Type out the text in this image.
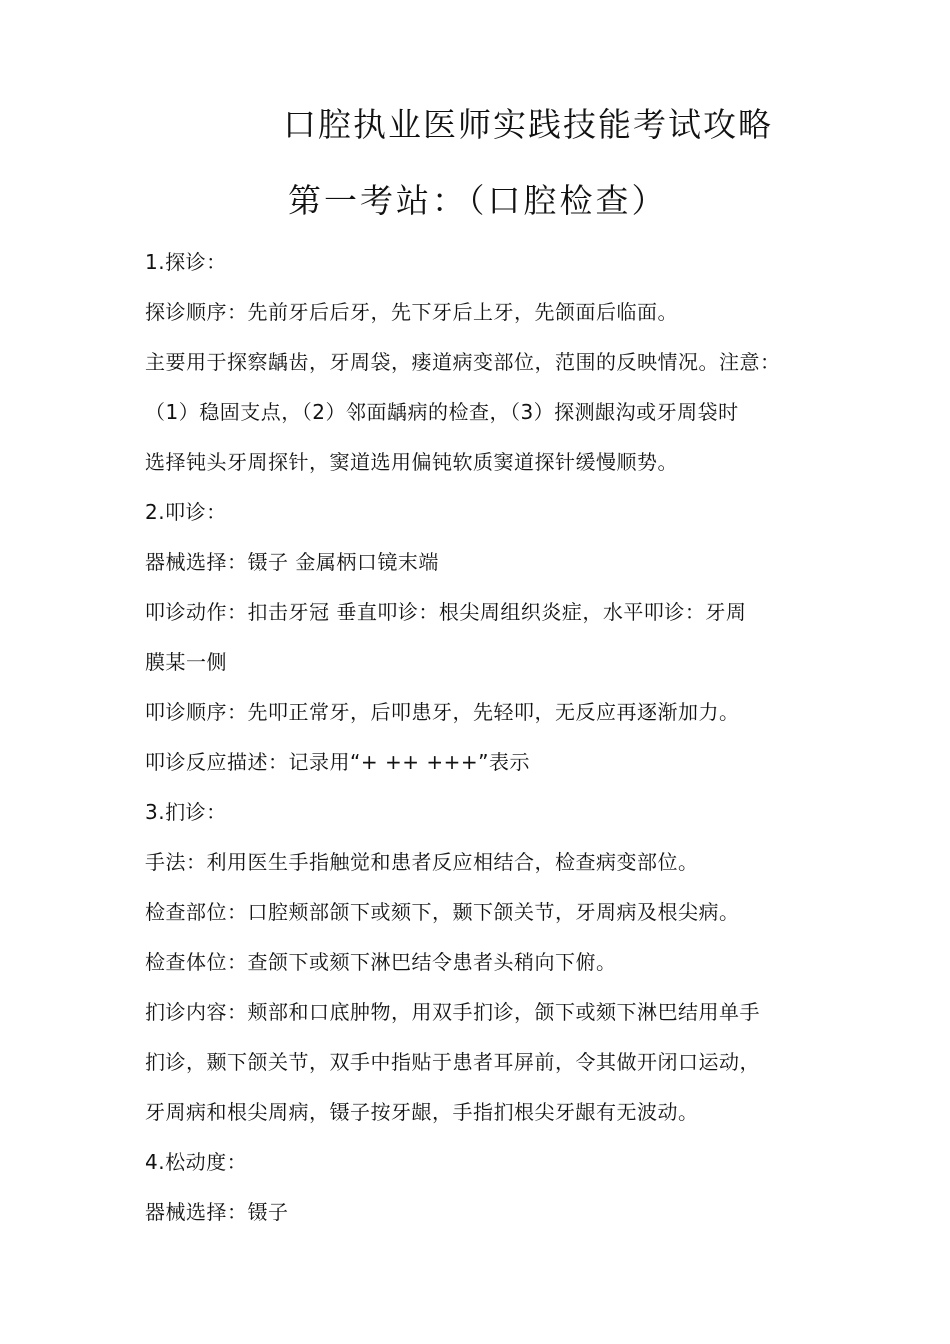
口腔执业医师实践技能考试攻略
第一考站：（口腔检查）
1.探诊：
探诊顺序：先前牙后后牙，先下牙后上牙，先颌面后临面。
主要用于探察龋齿，牙周袋，瘘道病变部位，范围的反映情况。注意：
（1）稳固支点，（2）邻面龋病的检查，（3）探测龈沟或牙周袋时
选择钝头牙周探针，窦道选用偏钝软质窦道探针缓慢顺势。
2.叩诊：
器械选择：镊子 金属柄口镜末端
叩诊动作：扣击牙冠 垂直叩诊：根尖周组织炎症，水平叩诊：牙周
膜某一侧
叩诊顺序：先叩正常牙，后叩患牙，先轻叩，无反应再逐渐加力。
叩诊反应描述：记录用“+ ++ +++”表示
3.扪诊：
手法：利用医生手指触觉和患者反应相结合，检查病变部位。
检查部位：口腔颊部颌下或颏下，颞下颌关节，牙周病及根尖病。
检查体位：查颌下或颏下淋巴结令患者头稍向下俯。
扪诊内容：颊部和口底肿物，用双手扪诊，颌下或颏下淋巴结用单手
扪诊，颞下颌关节，双手中指贴于患者耳屏前，令其做开闭口运动，
牙周病和根尖周病，镊子按牙龈，手指扪根尖牙龈有无波动。
4.松动度：
器械选择：镊子
